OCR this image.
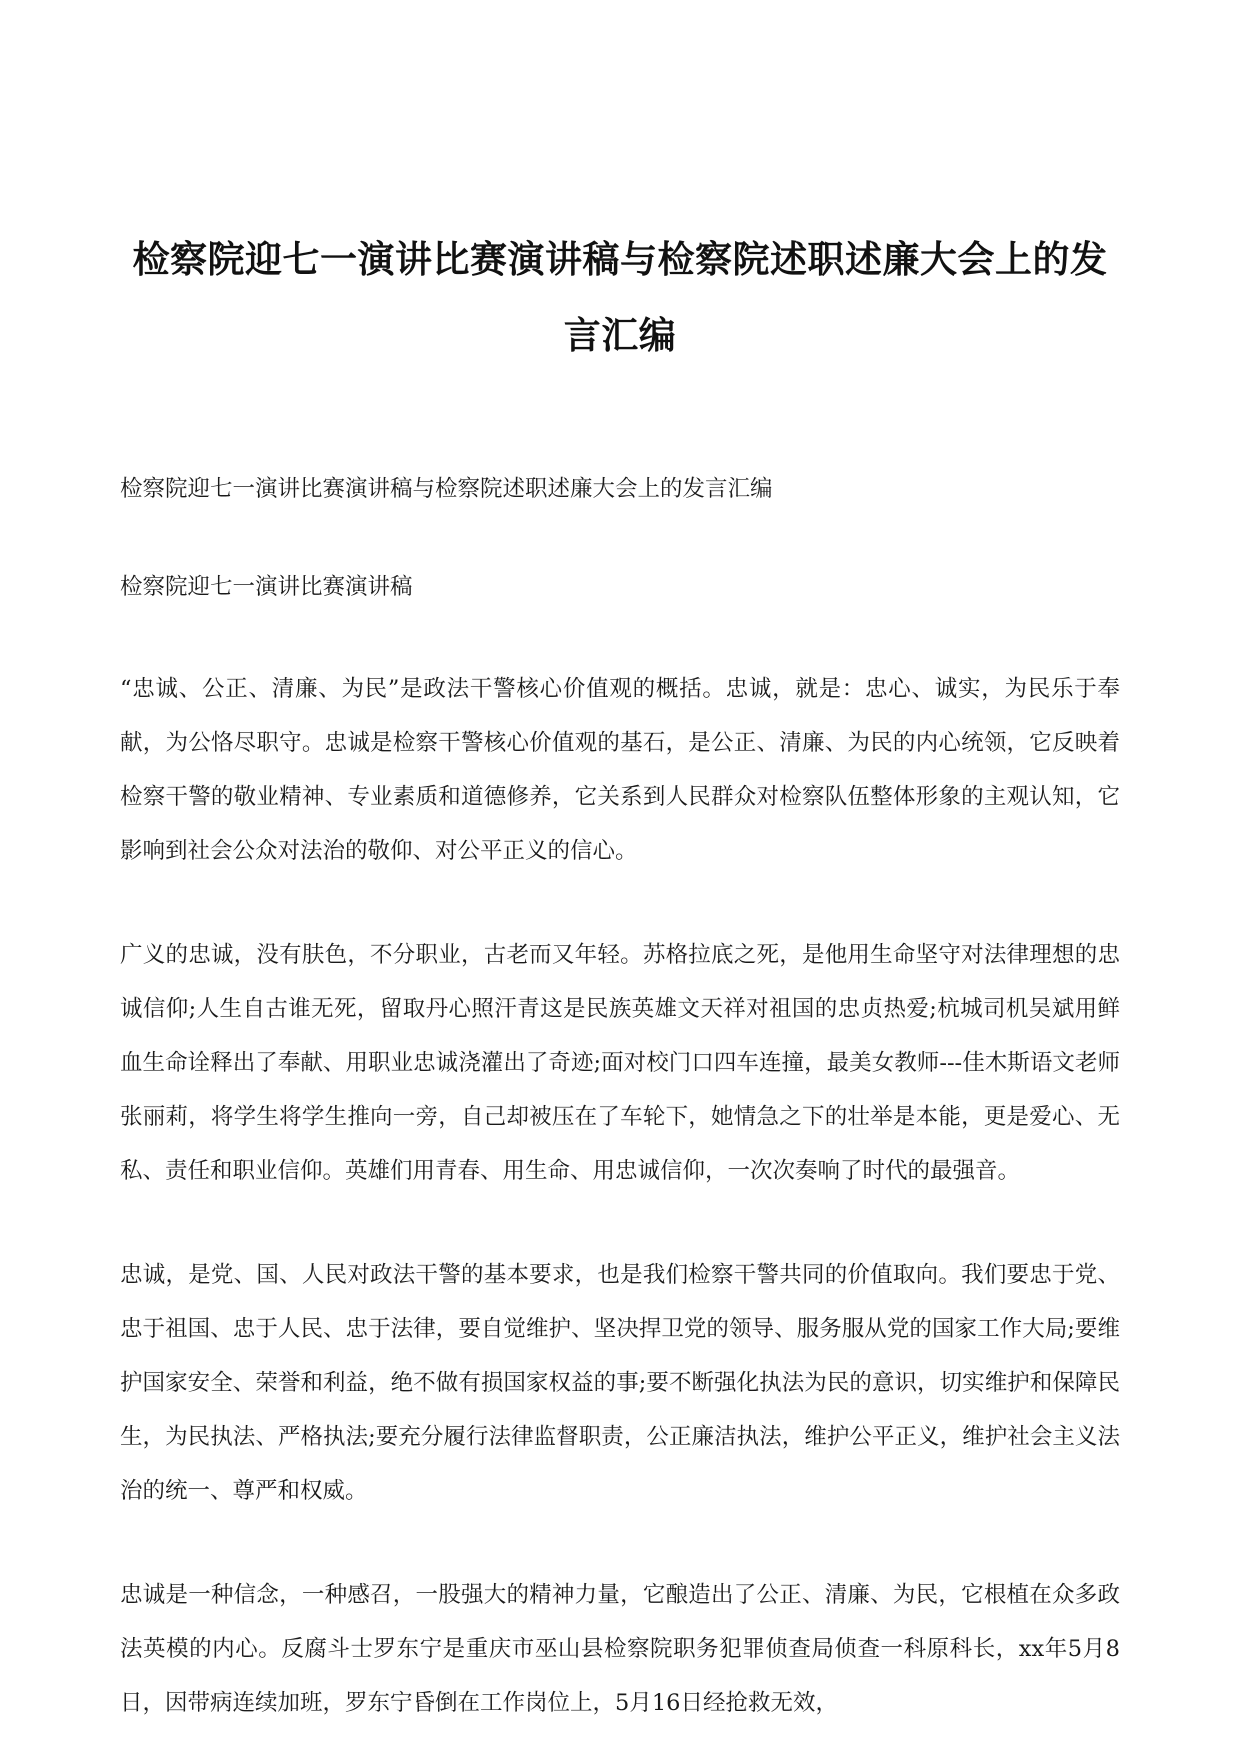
检察院迎七一演讲比赛演讲稿与检察院述职述廉大会上的发言汇编

检察院迎七一演讲比赛演讲稿与检察院述职述廉大会上的发言汇编

检察院迎七一演讲比赛演讲稿

“忠诚、公正、清廉、为民”是政法干警核心价值观的概括。忠诚，就是：忠心、诚实，为民乐于奉献，为公恪尽职守。忠诚是检察干警核心价值观的基石，是公正、清廉、为民的内心统领，它反映着检察干警的敬业精神、专业素质和道德修养，它关系到人民群众对检察队伍整体形象的主观认知，它影响到社会公众对法治的敬仰、对公平正义的信心。

广义的忠诚，没有肤色，不分职业，古老而又年轻。苏格拉底之死，是他用生命坚守对法律理想的忠诚信仰;人生自古谁无死，留取丹心照汗青这是民族英雄文天祥对祖国的忠贞热爱;杭城司机吴斌用鲜血生命诠释出了奉献、用职业忠诚浇灌出了奇迹;面对校门口四车连撞，最美女教师---佳木斯语文老师张丽莉，将学生将学生推向一旁，自己却被压在了车轮下，她情急之下的壮举是本能，更是爱心、无私、责任和职业信仰。英雄们用青春、用生命、用忠诚信仰，一次次奏响了时代的最强音。

忠诚，是党、国、人民对政法干警的基本要求，也是我们检察干警共同的价值取向。我们要忠于党、忠于祖国、忠于人民、忠于法律，要自觉维护、坚决捍卫党的领导、服务服从党的国家工作大局;要维护国家安全、荣誉和利益，绝不做有损国家权益的事;要不断强化执法为民的意识，切实维护和保障民生，为民执法、严格执法;要充分履行法律监督职责，公正廉洁执法，维护公平正义，维护社会主义法治的统一、尊严和权威。

忠诚是一种信念，一种感召，一股强大的精神力量，它酿造出了公正、清廉、为民，它根植在众多政法英模的内心。反腐斗士罗东宁是重庆市巫山县检察院职务犯罪侦查局侦查一科原科长，xx年5月8日，因带病连续加班，罗东宁昏倒在工作岗位上，5月16日经抢救无效，
